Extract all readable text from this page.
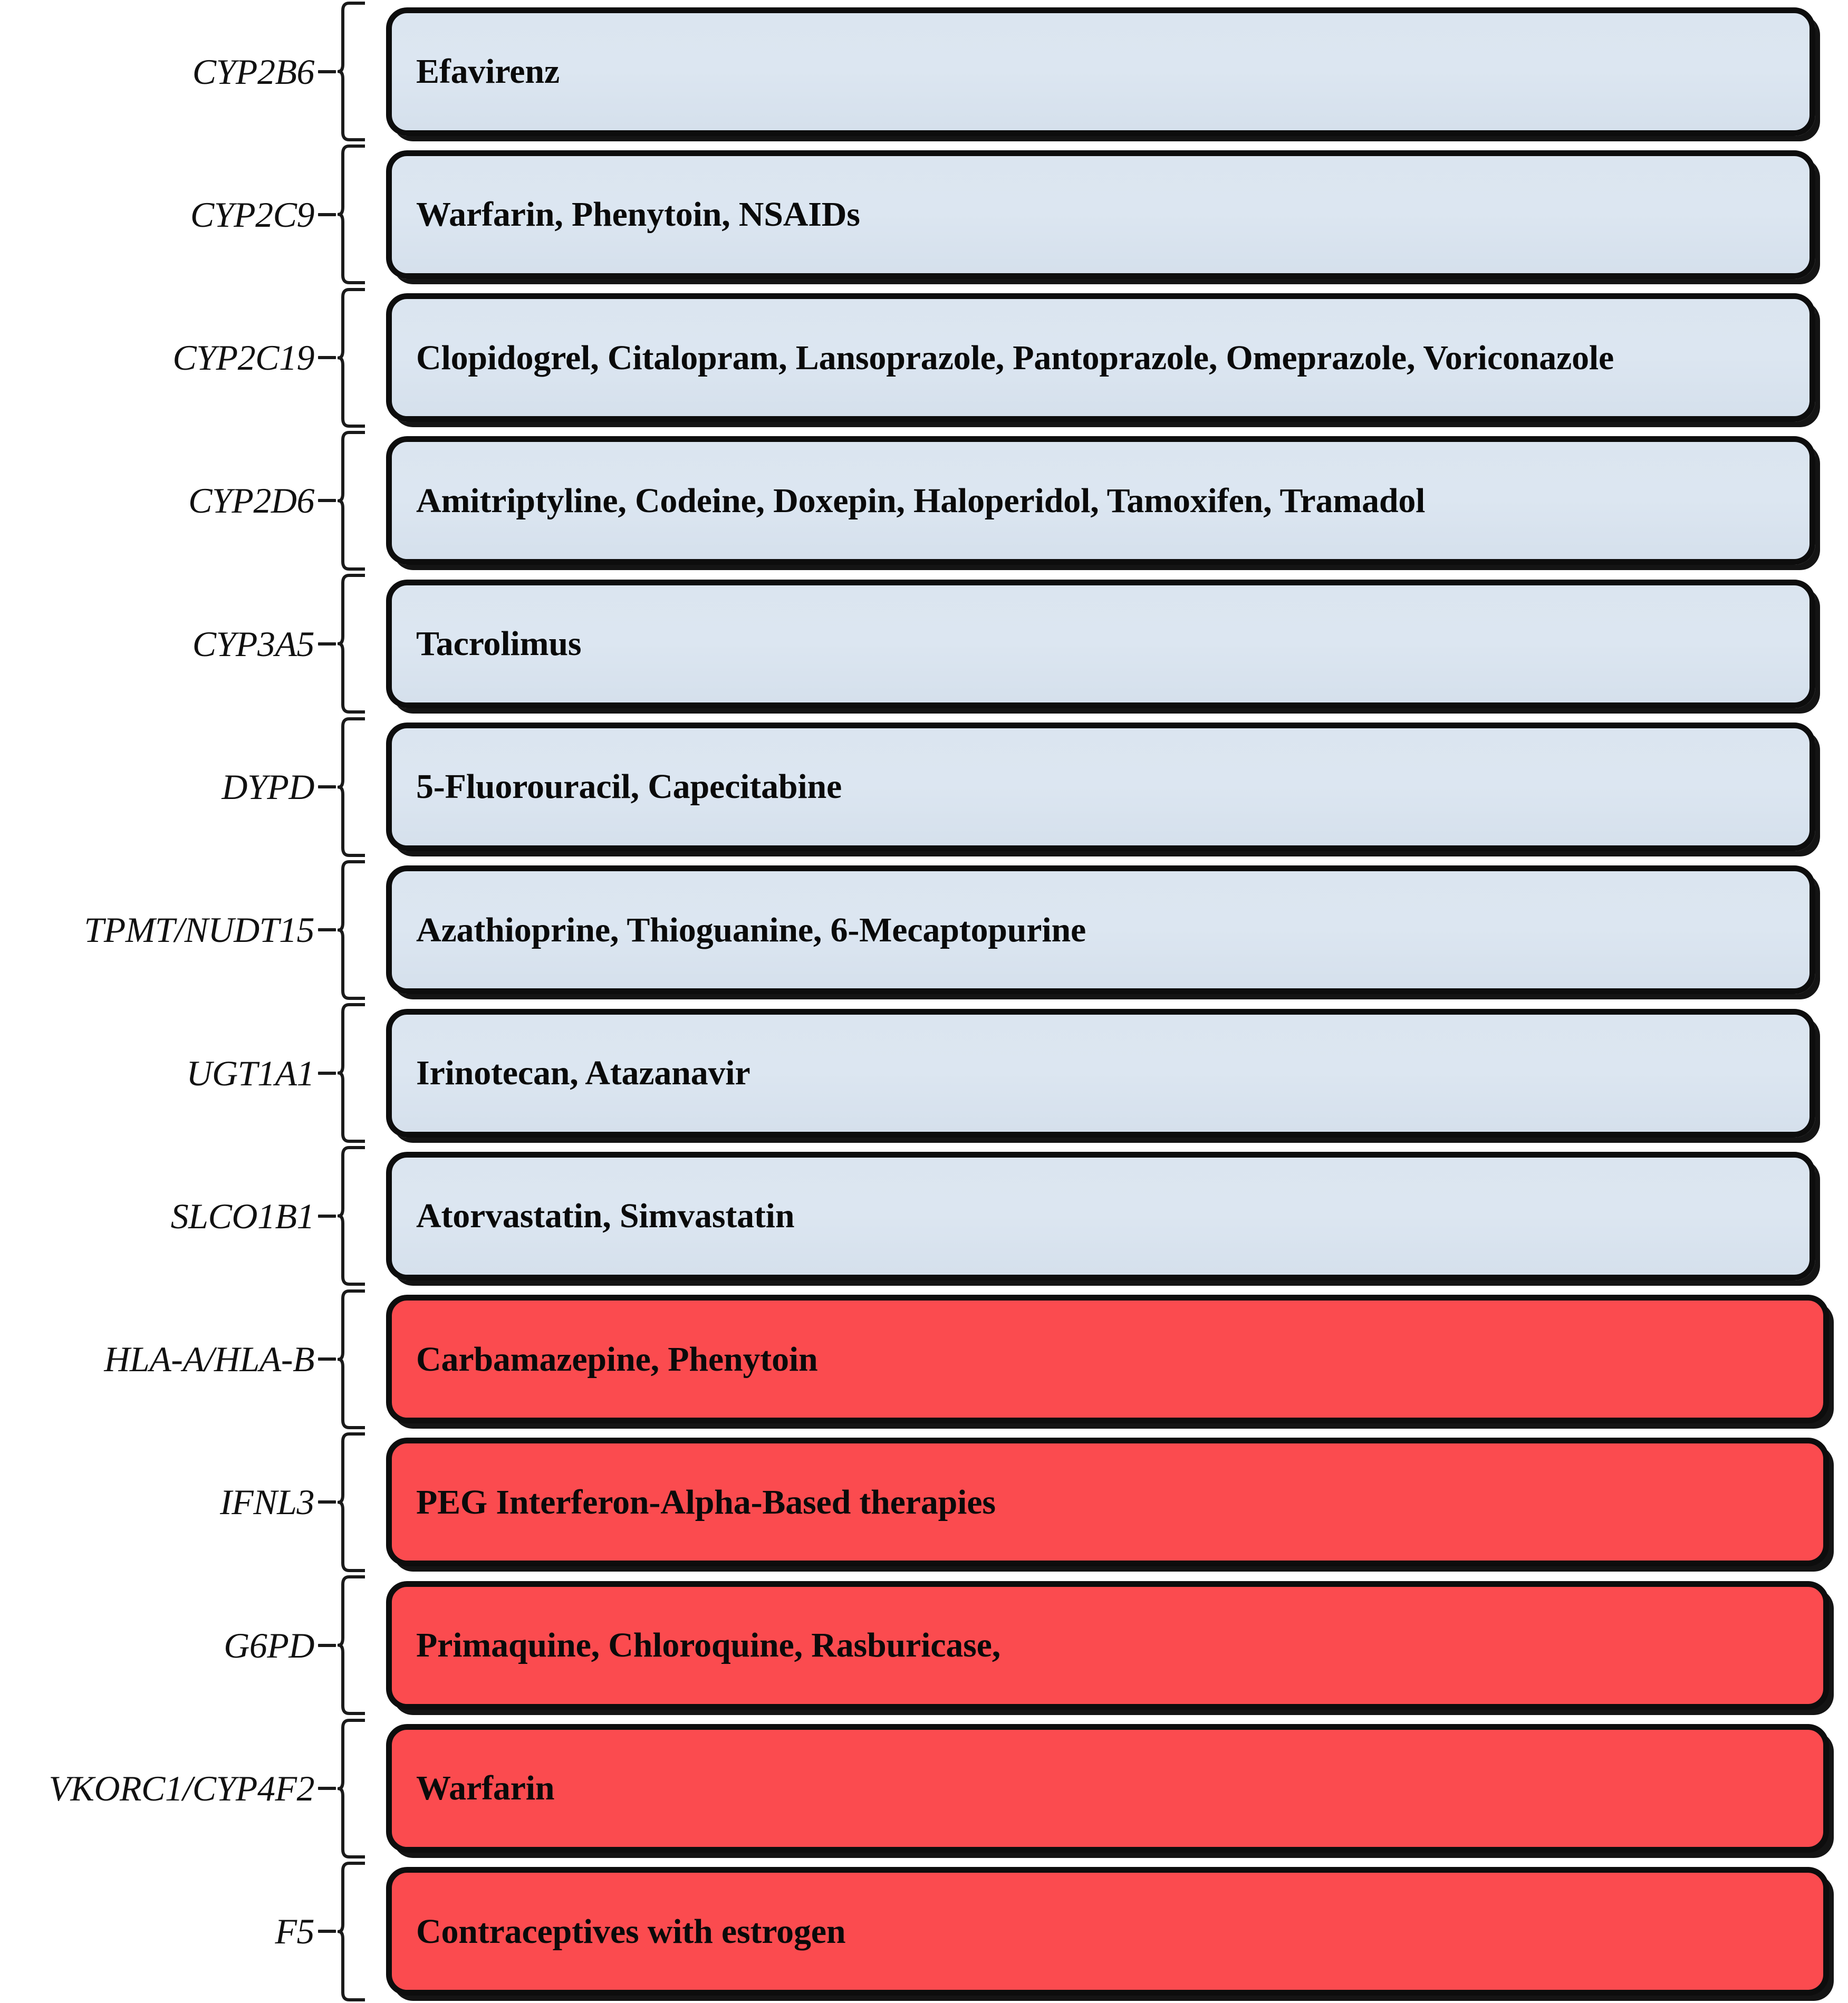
CYP2B6	Efavirenz
CYP2C9	Warfarin, Phenytoin, NSAIDs
CYP2C19	Clopidogrel, Citalopram, Lansoprazole, Pantoprazole, Omeprazole, Voriconazole
CYP2D6	Amitriptyline, Codeine, Doxepin, Haloperidol, Tamoxifen, Tramadol
CYP3A5	Tacrolimus
DYPD	5-Fluorouracil, Capecitabine
TPMT/NUDT15	Azathioprine, Thioguanine, 6-Mecaptopurine
UGT1A1	Irinotecan, Atazanavir
SLCO1B1	Atorvastatin, Simvastatin
HLA-A/HLA-B	Carbamazepine, Phenytoin
IFNL3	PEG Interferon-Alpha-Based therapies
G6PD	Primaquine, Chloroquine, Rasburicase,
VKORC1/CYP4F2	Warfarin
F5	Contraceptives with estrogen
